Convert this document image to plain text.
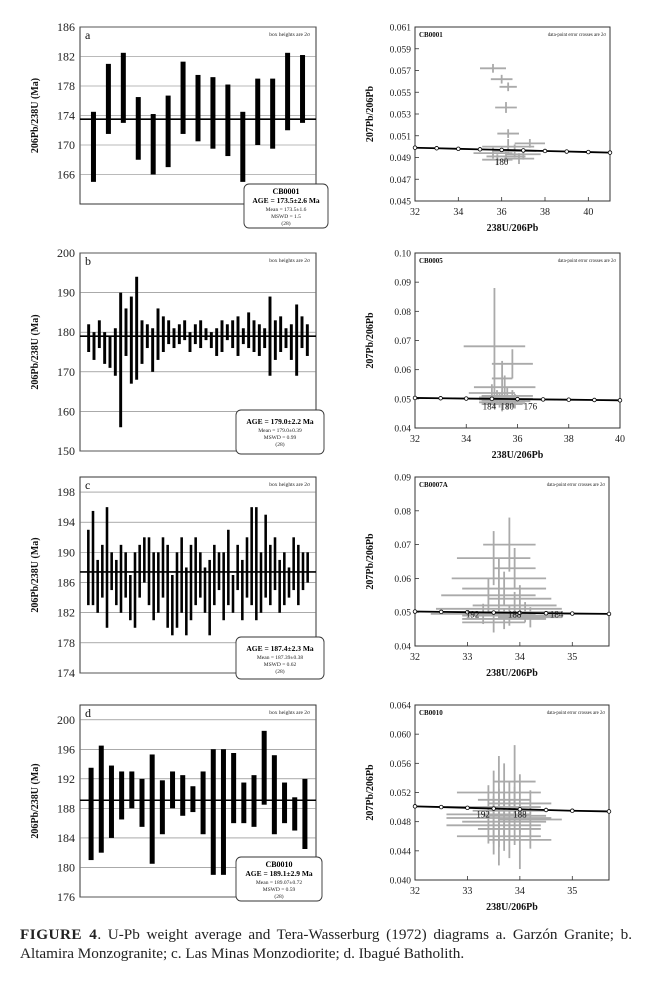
166
170
174
178
182
186
a	box heights are 2σ
206Pb/238U (Ma)
CB0001
AGE = 173.5±2.6 Ma
Mean = 173.5±1.6
MSWD = 1.5
(28)
150
160
170
180
190
200
b	box heights are 2σ
206Pb/238U (Ma)
AGE = 179.0±2.2 Ma
Mean = 179.0±0.39
MSWD = 0.99
(28)
174
178
182
186
190
194
198
c	box heights are 2σ
206Pb/238U (Ma)
AGE = 187.4±2.3 Ma
Mean = 187.39±0.38
MSWD = 0.62
(28)
176
180
184
188
192
196
200 d	box heights are 2σ
206Pb/238U (Ma)
CB0010
AGE = 189.1±2.9 Ma
Mean = 189.07±0.72
MSWD = 0.59
(28)
0.045
0.047
0.049
0.051
0.053
0.055
0.057
0.059
0.061
32	34	36	38	40
CB0001	data-point error crosses are 2σ
238U/206Pb
207Pb/206Pb
180
0.04
0.05
0.06
0.07
0.08
0.09
0.10
32	34	36	38	40
CB0005	data-point error crosses are 2σ
238U/206Pb
207Pb/206Pb
184 180 176
0.04
0.05
0.06
0.07
0.08
0.09
32	33	34	35
CB0007A	data-point error crosses are 2σ
238U/206Pb
207Pb/206Pb
192	188	184
0.040
0.044
0.048
0.052
0.056
0.060
0.064
32	33	34	35
CB0010	data-point error crosses are 2σ
238U/206Pb
207Pb/206Pb	192	188
FIGURE 4. U-Pb weight average and Tera-Wasserburg (1972) diagrams a. Garzón Granite; b. Altamira Monzogranite; c. Las Minas Monzodiorite; d. Ibagué Batholith.
